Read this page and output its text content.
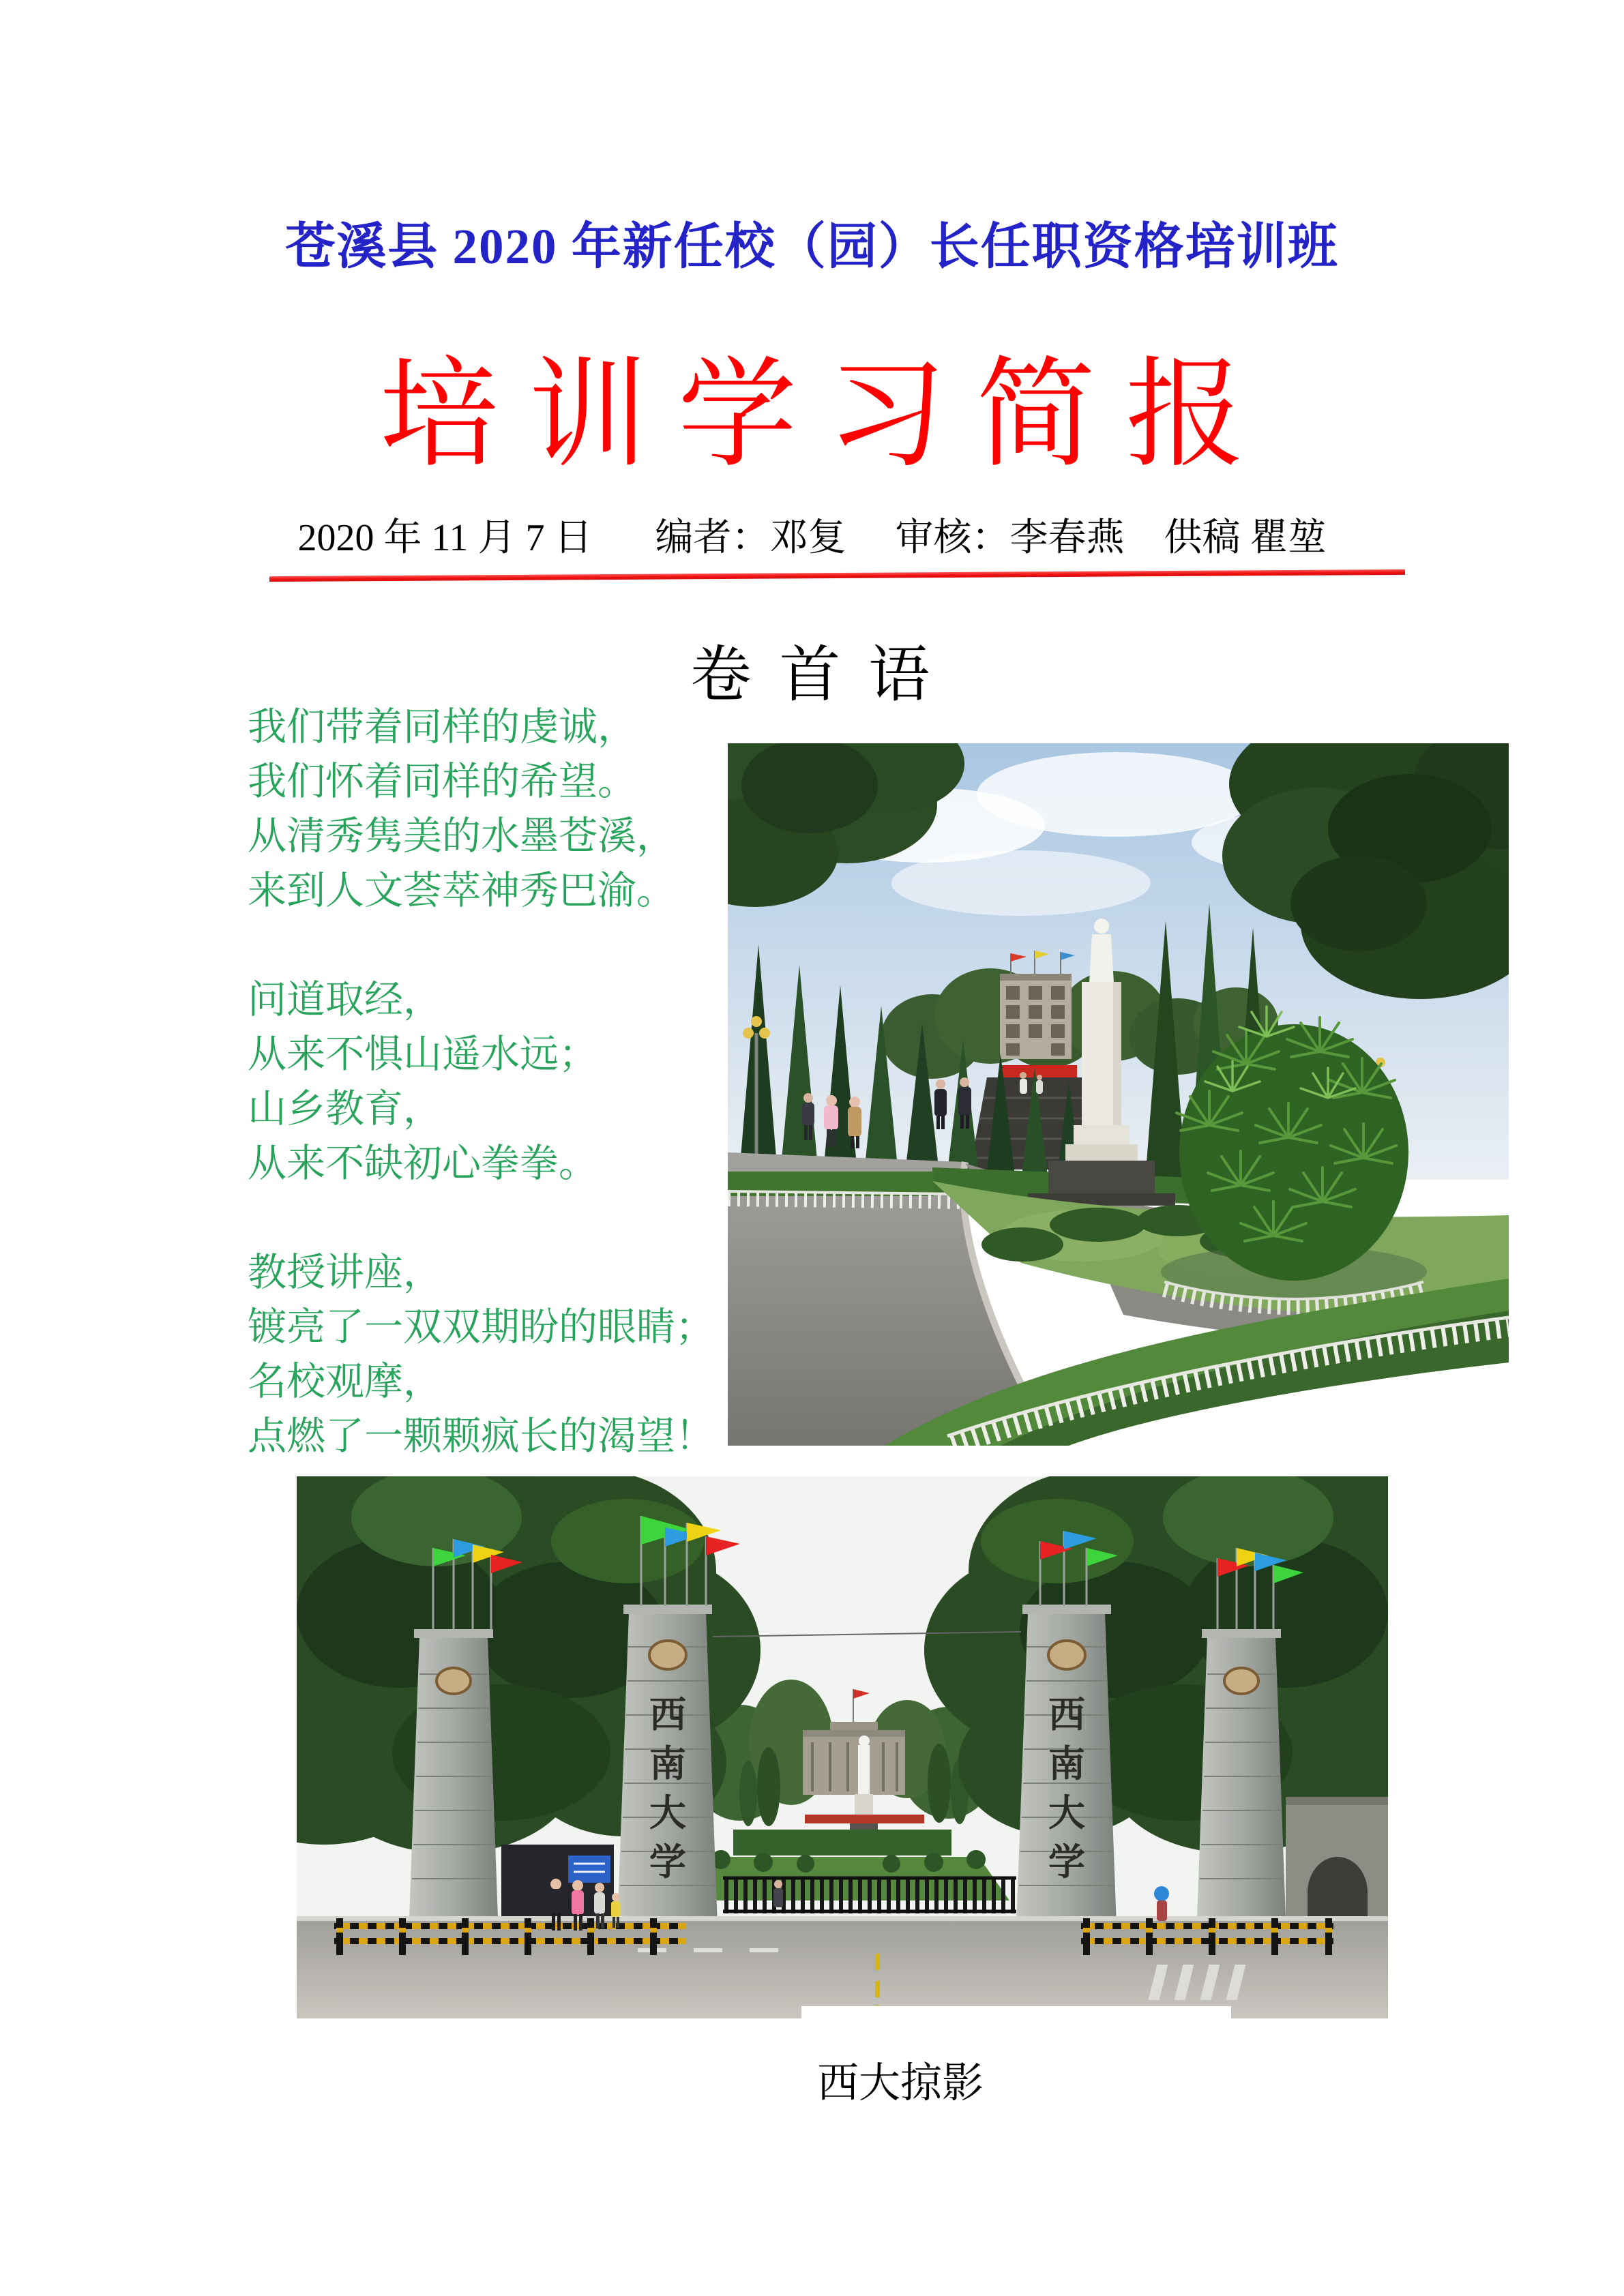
苍溪县 2020 年新任校（园）长任职资格培训班
培 训 学 习 简 报
2020 年 11 月 7 日 编者：邓复 审核：李春燕 供稿 瞿堃
卷 首 语
我们带着同样的虔诚，
我们怀着同样的希望。
从清秀隽美的水墨苍溪，
来到人文荟萃神秀巴渝。
问道取经，
从来不惧山遥水远；
山乡教育，
从来不缺初心拳拳。
教授讲座，
镀亮了一双双期盼的眼睛；
名校观摩，
点燃了一颗颗疯长的渴望！
西
南
大
学
西
南
大
学
西大掠影
